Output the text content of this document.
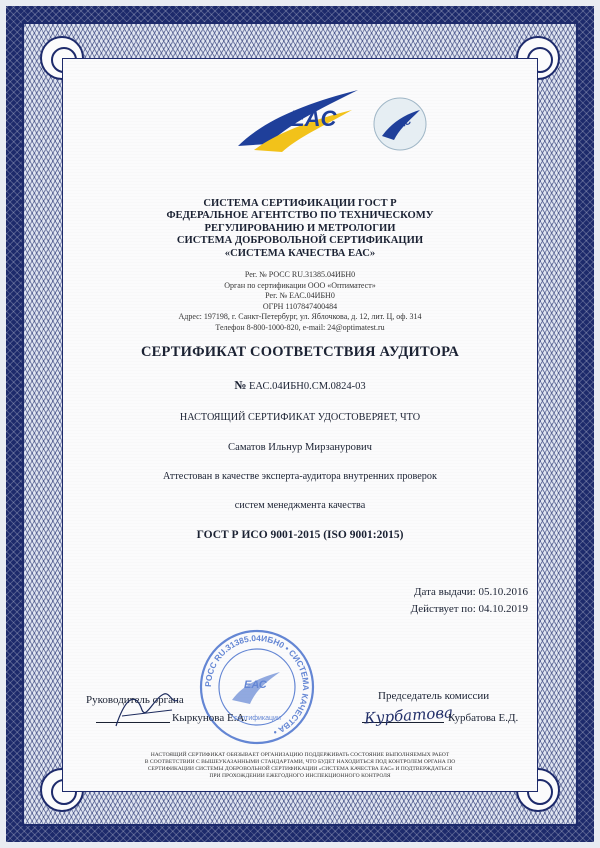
EAC	ЕАС
СИСТЕМА СЕРТИФИКАЦИИ ГОСТ Р
ФЕДЕРАЛЬНОЕ АГЕНТСТВО ПО ТЕХНИЧЕСКОМУ
РЕГУЛИРОВАНИЮ И МЕТРОЛОГИИ
СИСТЕМА ДОБРОВОЛЬНОЙ СЕРТИФИКАЦИИ
«СИСТЕМА КАЧЕСТВА ЕАС»
Рег. № РОСС RU.31385.04ИБН0
Орган по сертификации ООО «Оптиматест»
Рег. № ЕАС.04ИБН0
ОГРН 1107847400484
Адрес: 197198, г. Санкт-Петербург, ул. Яблочкова, д. 12, лит. Ц, оф. 314
Телефон 8-800-1000-820, e-mail: 24@optimatest.ru
СЕРТИФИКАТ СООТВЕТСТВИЯ АУДИТОРА
№ ЕАС.04ИБН0.СМ.0824-03
НАСТОЯЩИЙ СЕРТИФИКАТ УДОСТОВЕРЯЕТ, ЧТО
Саматов Ильнур Мирзанурович
Аттестован в качестве эксперта-аудитора внутренних проверок
систем менеджмента качества
ГОСТ Р ИСО 9001-2015 (ISO 9001:2015)
Дата выдачи: 05.10.2016
Действует по: 04.10.2019
РОСС RU.31385.04ИБН0 • СИСТЕМА КАЧЕСТВА •
ЕАС
сертификации
Руководитель органа
Кыркунова Е.А.
Председатель комиссии
Курбатова
Курбатова Е.Д.
НАСТОЯЩИЙ СЕРТИФИКАТ ОБЯЗЫВАЕТ ОРГАНИЗАЦИЮ ПОДДЕРЖИВАТЬ СОСТОЯНИЕ ВЫПОЛНЯЕМЫХ РАБОТ
В СООТВЕТСТВИИ С ВЫШЕУКАЗАННЫМИ СТАНДАРТАМИ, ЧТО БУДЕТ НАХОДИТЬСЯ ПОД КОНТРОЛЕМ ОРГАНА ПО
СЕРТИФИКАЦИИ СИСТЕМЫ ДОБРОВОЛЬНОЙ СЕРТИФИКАЦИИ «СИСТЕМА КАЧЕСТВА ЕАС» И ПОДТВЕРЖДАТЬСЯ
ПРИ ПРОХОЖДЕНИИ ЕЖЕГОДНОГО ИНСПЕКЦИОННОГО КОНТРОЛЯ
